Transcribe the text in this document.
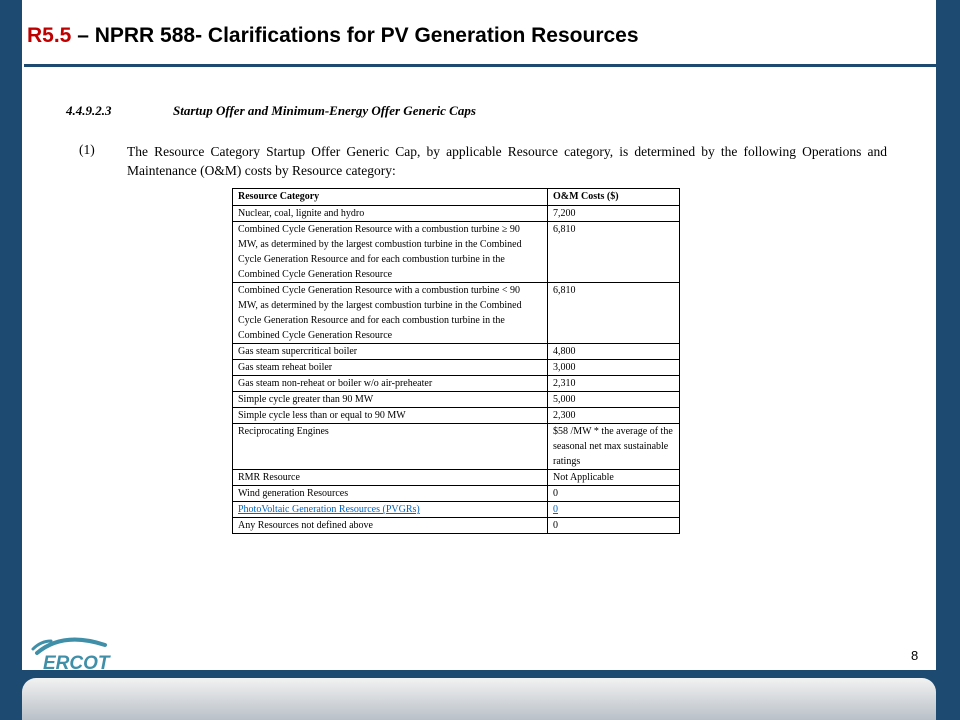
R5.5 – NPRR 588- Clarifications for PV Generation Resources
4.4.9.2.3	Startup Offer and Minimum-Energy Offer Generic Caps
(1) The Resource Category Startup Offer Generic Cap, by applicable Resource category, is determined by the following Operations and Maintenance (O&M) costs by Resource category:
Resource Category	O&M Costs ($)
Nuclear, coal, lignite and hydro	7,200
Combined Cycle Generation Resource with a combustion turbine ≥ 90 MW, as determined by the largest combustion turbine in the Combined Cycle Generation Resource and for each combustion turbine in the Combined Cycle Generation Resource	6,810
Combined Cycle Generation Resource with a combustion turbine < 90 MW, as determined by the largest combustion turbine in the Combined Cycle Generation Resource and for each combustion turbine in the Combined Cycle Generation Resource	6,810
Gas steam supercritical boiler	4,800
Gas steam reheat boiler	3,000
Gas steam non-reheat or boiler w/o air-preheater	2,310
Simple cycle greater than 90 MW	5,000
Simple cycle less than or equal to 90 MW	2,300
Reciprocating Engines	$58 /MW * the average of the seasonal net max sustainable ratings
RMR Resource	Not Applicable
Wind generation Resources	0
PhotoVoltaic Generation Resources (PVGRs)	0
Any Resources not defined above	0
ERCOT	8
